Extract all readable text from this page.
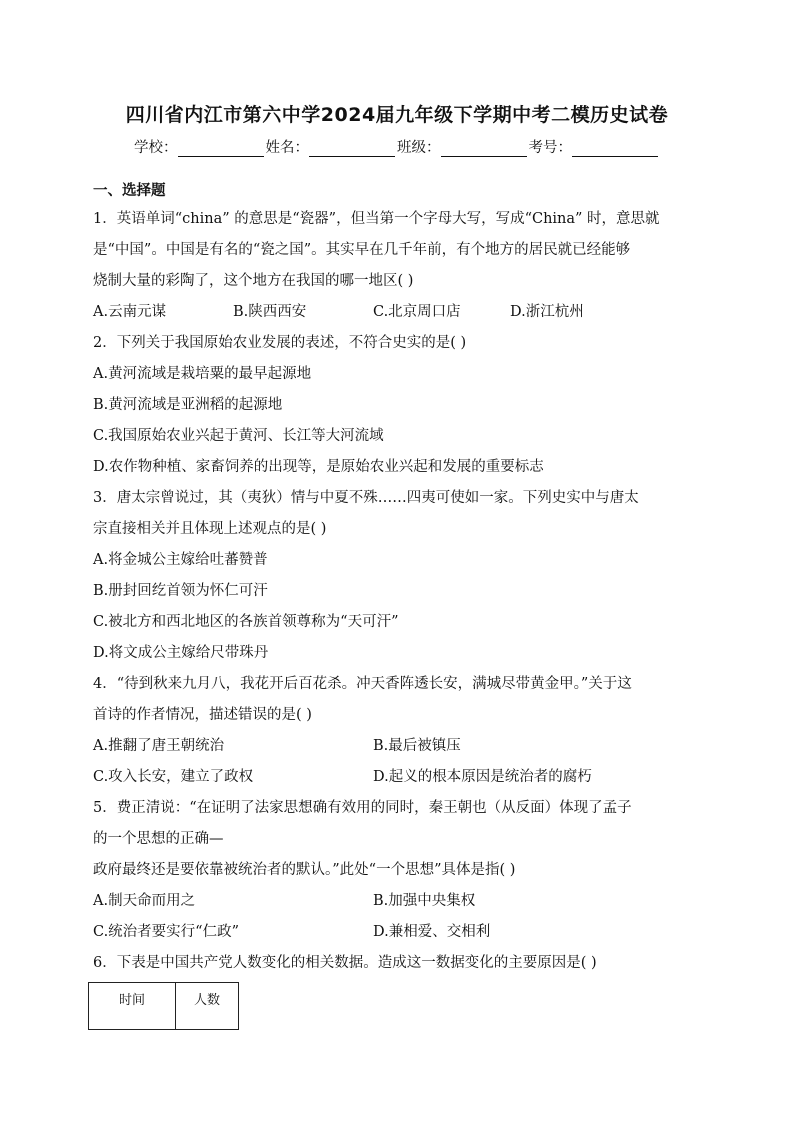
四川省内江市第六中学2024届九年级下学期中考二模历史试卷
学校：	姓名：	班级：	考号：
一、选择题
1．英语单词“china” 的意思是“瓷器”，但当第一个字母大写，写成“China” 时，意思就
是“中国”。中国是有名的“瓷之国”。其实早在几千年前，有个地方的居民就已经能够
烧制大量的彩陶了，这个地方在我国的哪一地区( )
A.云南元谋	B.陕西西安	C.北京周口店	D.浙江杭州
2．下列关于我国原始农业发展的表述，不符合史实的是( )
A.黄河流域是栽培粟的最早起源地
B.黄河流域是亚洲稻的起源地
C.我国原始农业兴起于黄河、长江等大河流域
D.农作物种植、家畜饲养的出现等，是原始农业兴起和发展的重要标志
3．唐太宗曾说过，其（夷狄）情与中夏不殊……四夷可使如一家。下列史实中与唐太
宗直接相关并且体现上述观点的是( )
A.将金城公主嫁给吐蕃赞普
B.册封回纥首领为怀仁可汗
C.被北方和西北地区的各族首领尊称为“天可汗”
D.将文成公主嫁给尺带珠丹
4．“待到秋来九月八，我花开后百花杀。冲天香阵透长安，满城尽带黄金甲。”关于这
首诗的作者情况，描述错误的是( )
A.推翻了唐王朝统治	B.最后被镇压
C.攻入长安，建立了政权	D.起义的根本原因是统治者的腐朽
5．费正清说：“在证明了法家思想确有效用的同时，秦王朝也（从反面）体现了孟子
的一个思想的正确—
政府最终还是要依靠被统治者的默认。”此处“一个思想”具体是指( )
A.制天命而用之	B.加强中央集权
C.统治者要实行“仁政”	D.兼相爱、交相利
6．下表是中国共产党人数变化的相关数据。造成这一数据变化的主要原因是( )
时间	人数
